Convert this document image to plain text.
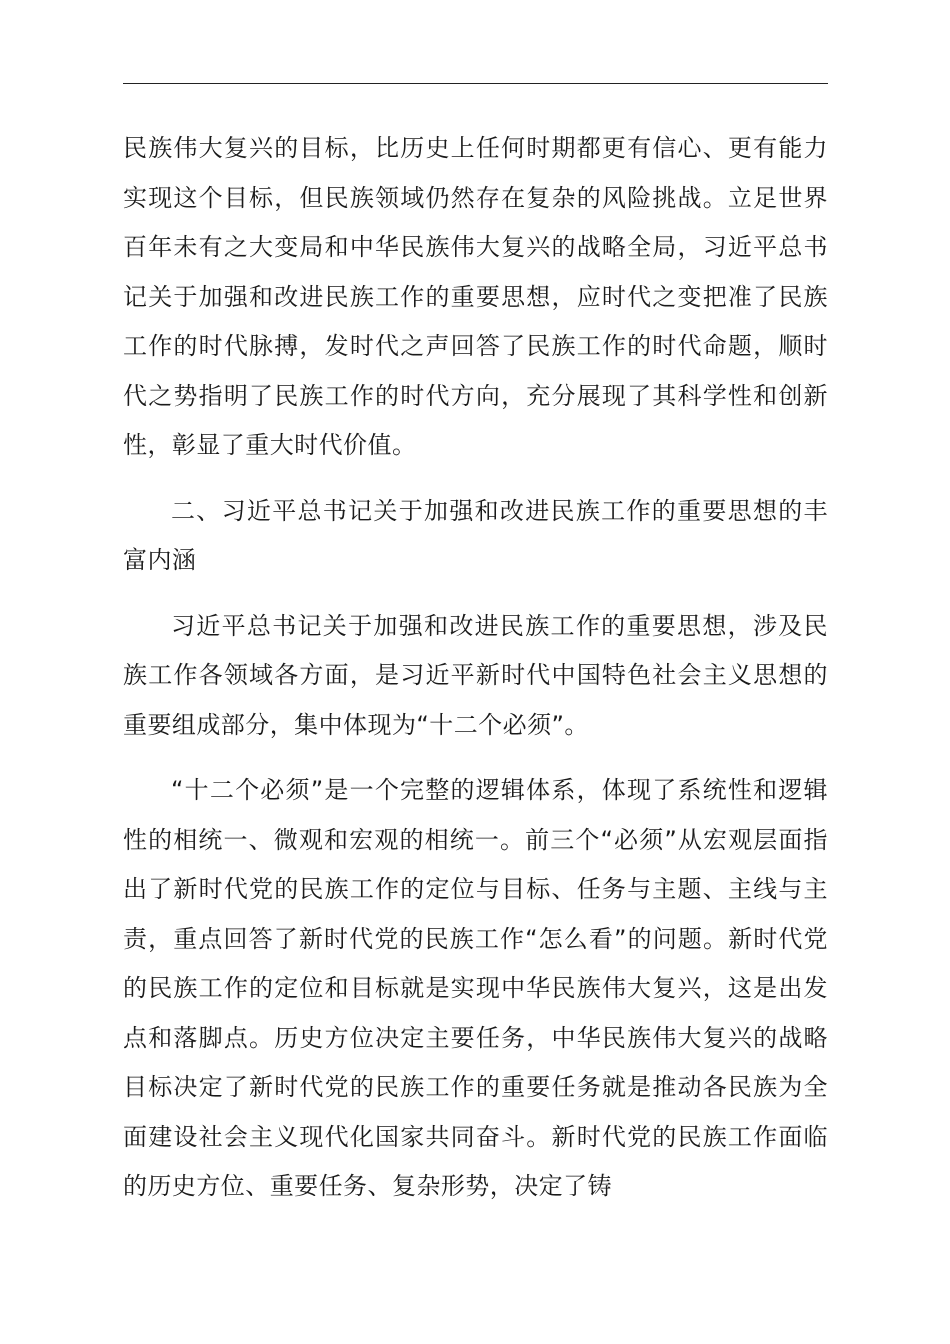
民族伟大复兴的目标，比历史上任何时期都更有信心、更有能力实现这个目标，但民族领域仍然存在复杂的风险挑战。立足世界百年未有之大变局和中华民族伟大复兴的战略全局，习近平总书记关于加强和改进民族工作的重要思想，应时代之变把准了民族工作的时代脉搏，发时代之声回答了民族工作的时代命题，顺时代之势指明了民族工作的时代方向，充分展现了其科学性和创新性，彰显了重大时代价值。

二、习近平总书记关于加强和改进民族工作的重要思想的丰富内涵

习近平总书记关于加强和改进民族工作的重要思想，涉及民族工作各领域各方面，是习近平新时代中国特色社会主义思想的重要组成部分，集中体现为“十二个必须”。

“十二个必须”是一个完整的逻辑体系，体现了系统性和逻辑性的相统一、微观和宏观的相统一。前三个“必须”从宏观层面指出了新时代党的民族工作的定位与目标、任务与主题、主线与主责，重点回答了新时代党的民族工作“怎么看”的问题。新时代党的民族工作的定位和目标就是实现中华民族伟大复兴，这是出发点和落脚点。历史方位决定主要任务，中华民族伟大复兴的战略目标决定了新时代党的民族工作的重要任务就是推动各民族为全面建设社会主义现代化国家共同奋斗。新时代党的民族工作面临的历史方位、重要任务、复杂形势，决定了铸
